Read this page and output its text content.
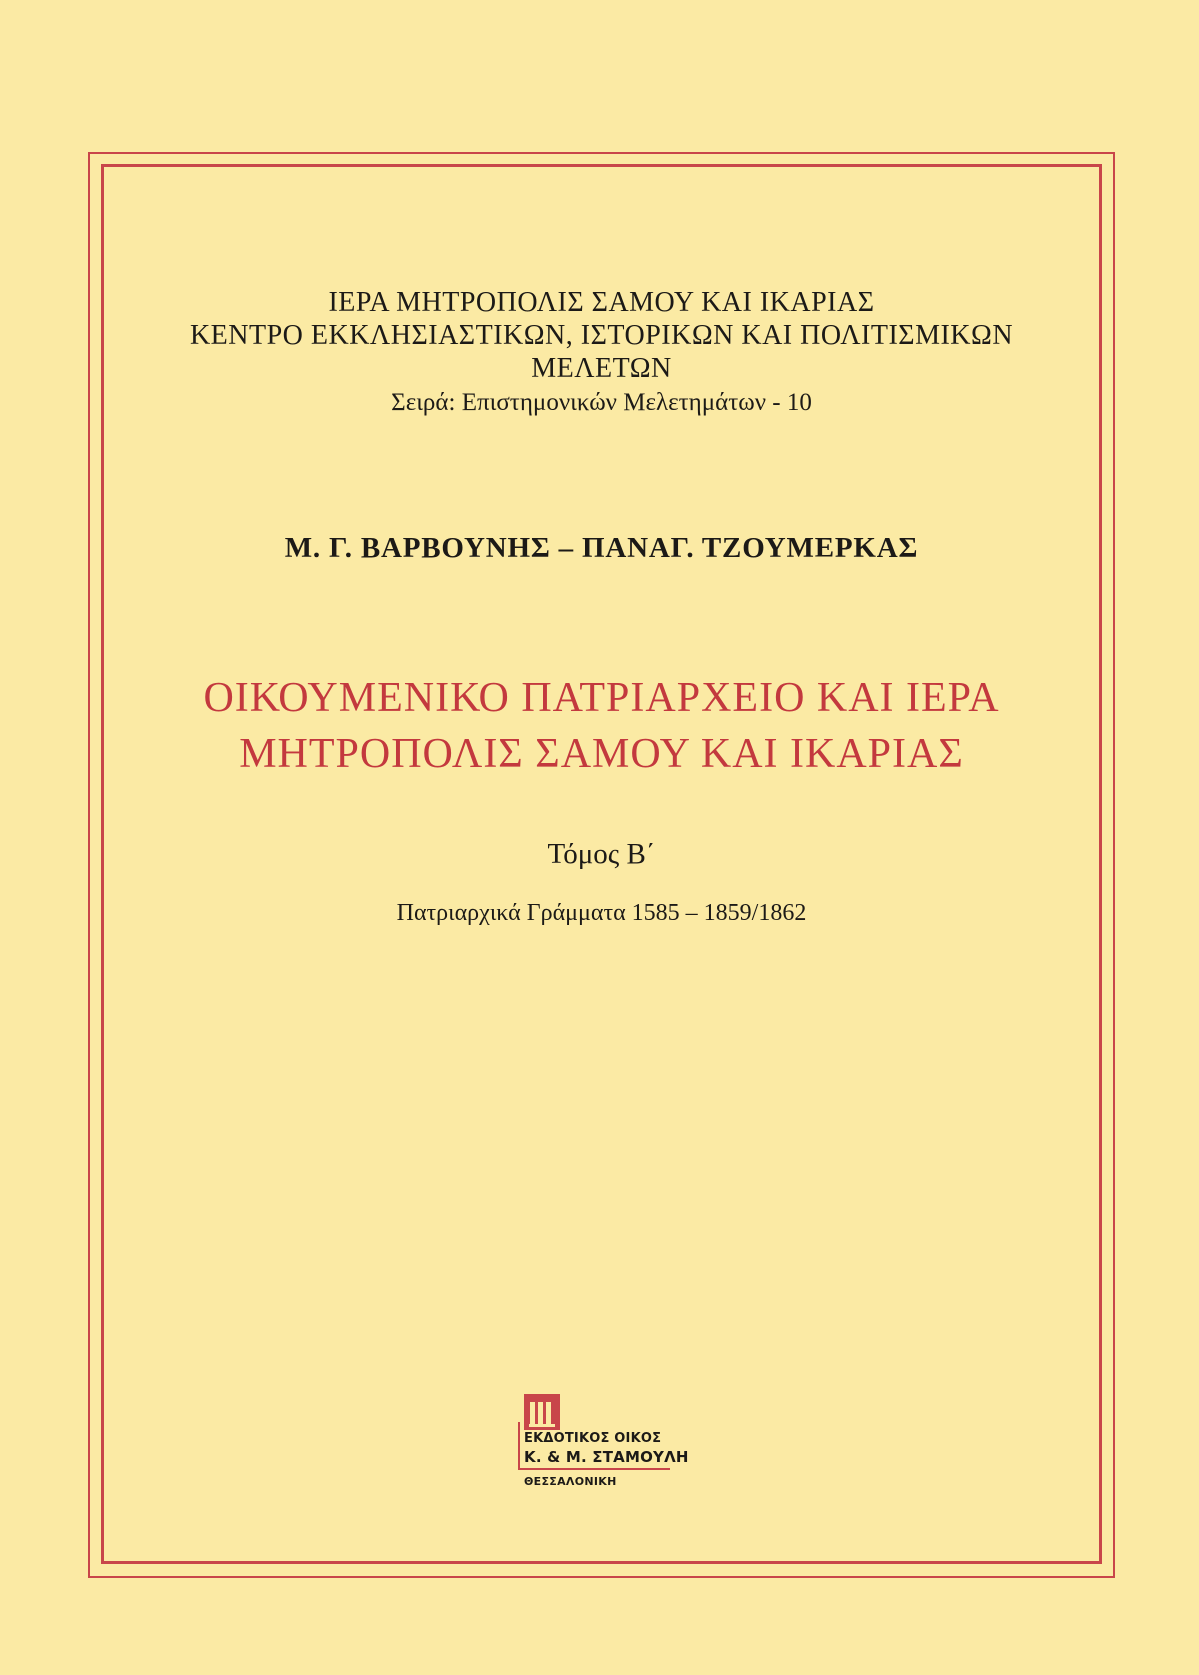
ΙΕΡΑ ΜΗΤΡΟΠΟΛΙΣ ΣΑΜΟΥ ΚΑΙ ΙΚΑΡΙΑΣ

ΚΕΝΤΡΟ ΕΚΚΛΗΣΙΑΣΤΙΚΩΝ, ΙΣΤΟΡΙΚΩΝ ΚΑΙ ΠΟΛΙΤΙΣΜΙΚΩΝ

ΜΕΛΕΤΩΝ

Σειρά: Επιστημονικών Μελετημάτων - 10

Μ. Γ. ΒΑΡΒΟΥΝΗΣ – ΠΑΝΑΓ. ΤΖΟΥΜΕΡΚΑΣ

ΟΙΚΟΥΜΕΝΙΚΟ ΠΑΤΡΙΑΡΧΕΙΟ ΚΑΙ ΙΕΡΑ

ΜΗΤΡΟΠΟΛΙΣ ΣΑΜΟΥ ΚΑΙ ΙΚΑΡΙΑΣ

Τόμος Β΄
Πατριαρχικά Γράμματα 1585 – 1859/1862
ΕΚΔΟΤΙΚΟΣ ΟΙΚΟΣ
Κ. & Μ. ΣΤΑΜΟΥΛΗ
ΘΕΣΣΑΛΟΝΙΚΗ
